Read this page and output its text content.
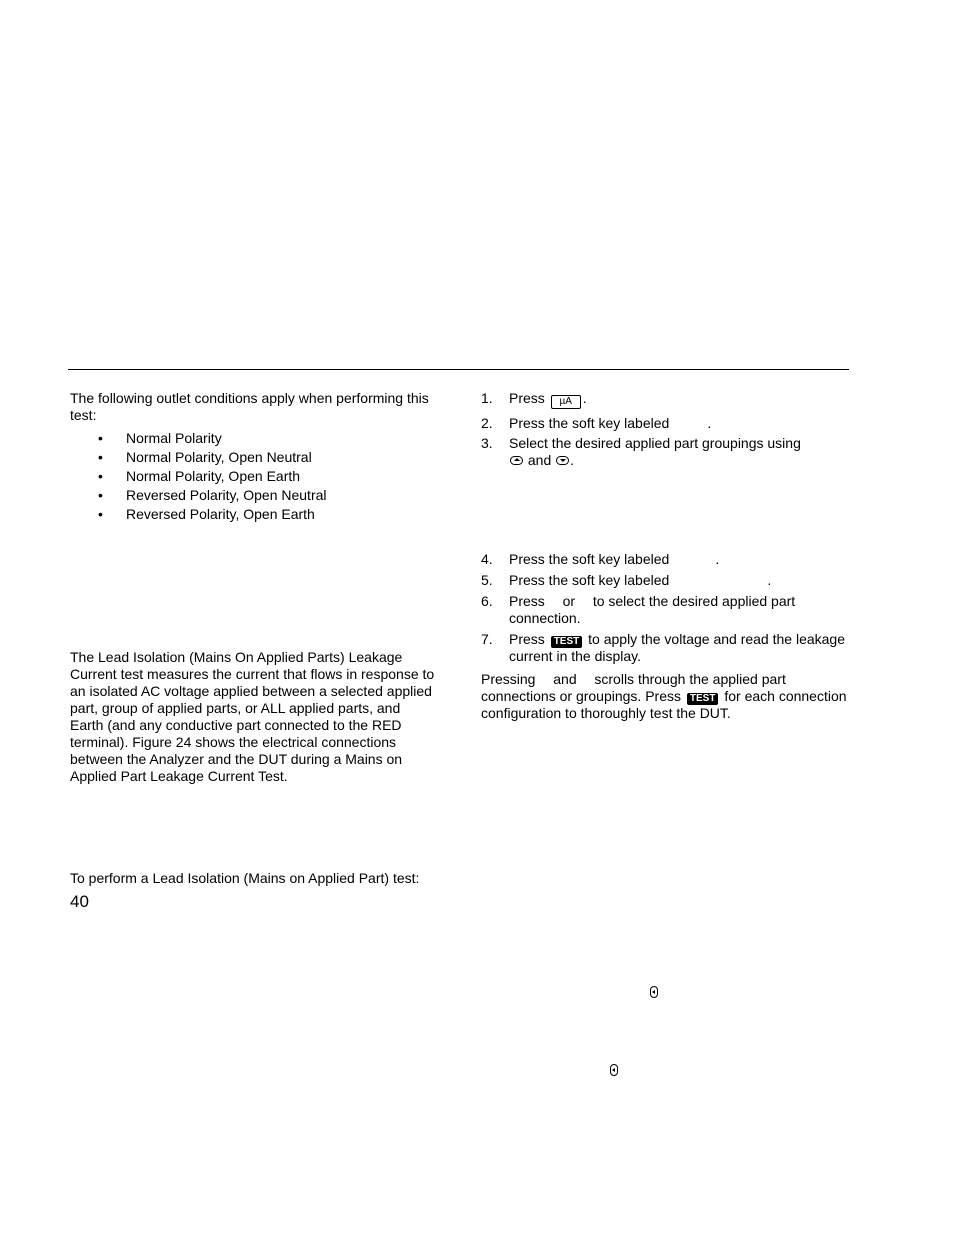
The following outlet conditions apply when performing this test:

• Normal Polarity
• Normal Polarity, Open Neutral
• Normal Polarity, Open Earth
• Reversed Polarity, Open Neutral
• Reversed Polarity, Open Earth

The Lead Isolation (Mains On Applied Parts) Leakage Current test measures the current that flows in response to an isolated AC voltage applied between a selected applied part, group of applied parts, or ALL applied parts, and Earth (and any conductive part connected to the RED terminal). Figure 24 shows the electrical connections between the Analyzer and the DUT during a Mains on Applied Part Leakage Current Test.

To perform a Lead Isolation (Mains on Applied Part) test:

1. Press µA .
2. Press the soft key labeled	.
3. Select the desired applied part groupings using
and .
4. Press the soft key labeled	.
5. Press the soft key labeled	.
6. Press or to select the desired applied part connection.
7. Press TEST to apply the voltage and read the leakage current in the display.

Pressing and scrolls through the applied part connections or groupings. Press TEST for each connection configuration to thoroughly test the DUT.

40
